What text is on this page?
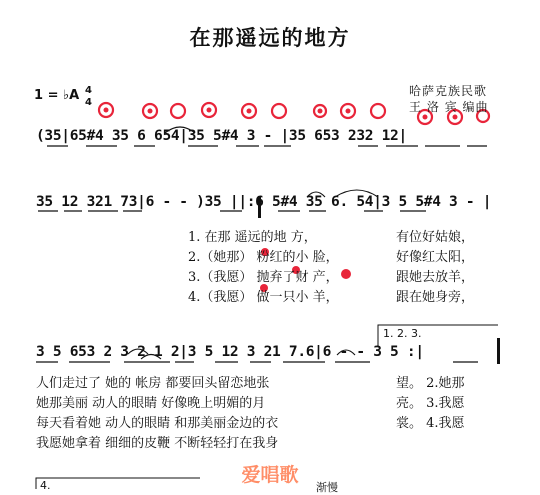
在那遥远的地方
1 = ♭A 4
4
哈萨克族民歌
王 洛 宾 编曲
(35|65#4 35 6 654|35 5#4 3 - |35 653 232 12|
35 12 321 73|6 - - )35 ||:6 5#4 35 6. 54|3 5 5#4 3 - |
1. 在那 遥远的地 方，
2.（她那） 粉红的小 脸，
3.（我愿） 抛弃了财 产，
4.（我愿） 做一只小 羊，
有位好姑娘，
好像红太阳，
跟她去放羊，
跟在她身旁，
1. 2. 3.
3 5 653 2 3 2 1 2|3 5 12 3 21 7.6|6 - - 3 5 :|
人们走过了 她的 帐房 都要回头留恋地张
她那美丽 动人的眼睛 好像晚上明媚的月
每天看着她 动人的眼睛 和那美丽金边的衣
我愿她拿着 细细的皮鞭 不断轻轻打在我身
望。 2.她那
亮。 3.我愿
裳。 4.我愿
4.	渐慢
爱唱歌
